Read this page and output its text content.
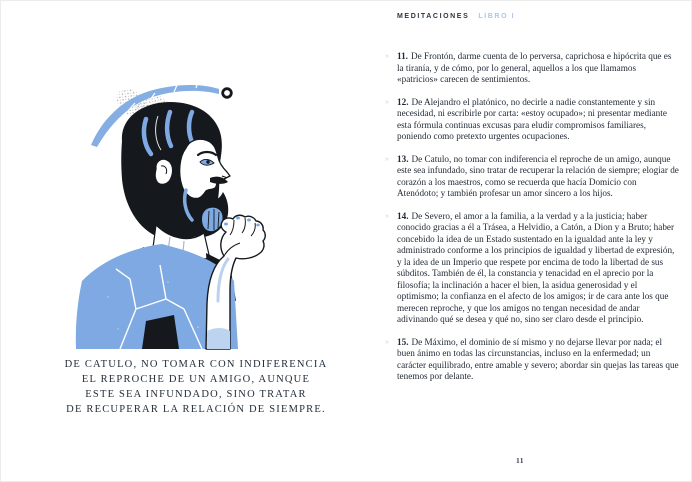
DE CATULO, NO TOMAR CON INDIFERENCIA
EL REPROCHE DE UN AMIGO, AUNQUE
ESTE SEA INFUNDADO, SINO TRATAR
DE RECUPERAR LA RELACIÓN DE SIEMPRE.
MEDITACIONES LIBRO I
» 11. De Frontón, darme cuenta de lo perversa, caprichosa e hipócrita que es la tiranía, y de cómo, por lo general, aquellos a los que llamamos «patricios» carecen de sentimientos.

» 12. De Alejandro el platónico, no decirle a nadie constantemente y sin necesidad, ni escribirle por carta: «estoy ocupado»; ni presentar mediante esta fórmula continuas excusas para eludir compromisos familiares, poniendo como pretexto urgentes ocupaciones.

» 13. De Catulo, no tomar con indiferencia el reproche de un amigo, aunque este sea infundado, sino tratar de recuperar la relación de siempre; elogiar de corazón a los maestros, como se recuerda que hacía Domicio con Atenódoto; y también profesar un amor sincero a los hijos.

» 14. De Severo, el amor a la familia, a la verdad y a la justicia; haber conocido gracias a él a Trásea, a Helvidio, a Catón, a Dion y a Bruto; haber concebido la idea de un Estado sustentado en la igualdad ante la ley y administrado conforme a los principios de igualdad y libertad de expresión, y la idea de un Imperio que respete por encima de todo la libertad de sus súbditos. También de él, la constancia y tenacidad en el aprecio por la filosofía; la inclinación a hacer el bien, la asidua generosidad y el optimismo; la confianza en el afecto de los amigos; ir de cara ante los que merecen reproche, y que los amigos no tengan necesidad de andar adivinando qué se desea y qué no, sino ser claro desde el principio.

» 15. De Máximo, el dominio de sí mismo y no dejarse llevar por nada; el buen ánimo en todas las circunstancias, incluso en la enfermedad; un carácter equilibrado, entre amable y severo; abordar sin quejas las tareas que tenemos por delante.

11
